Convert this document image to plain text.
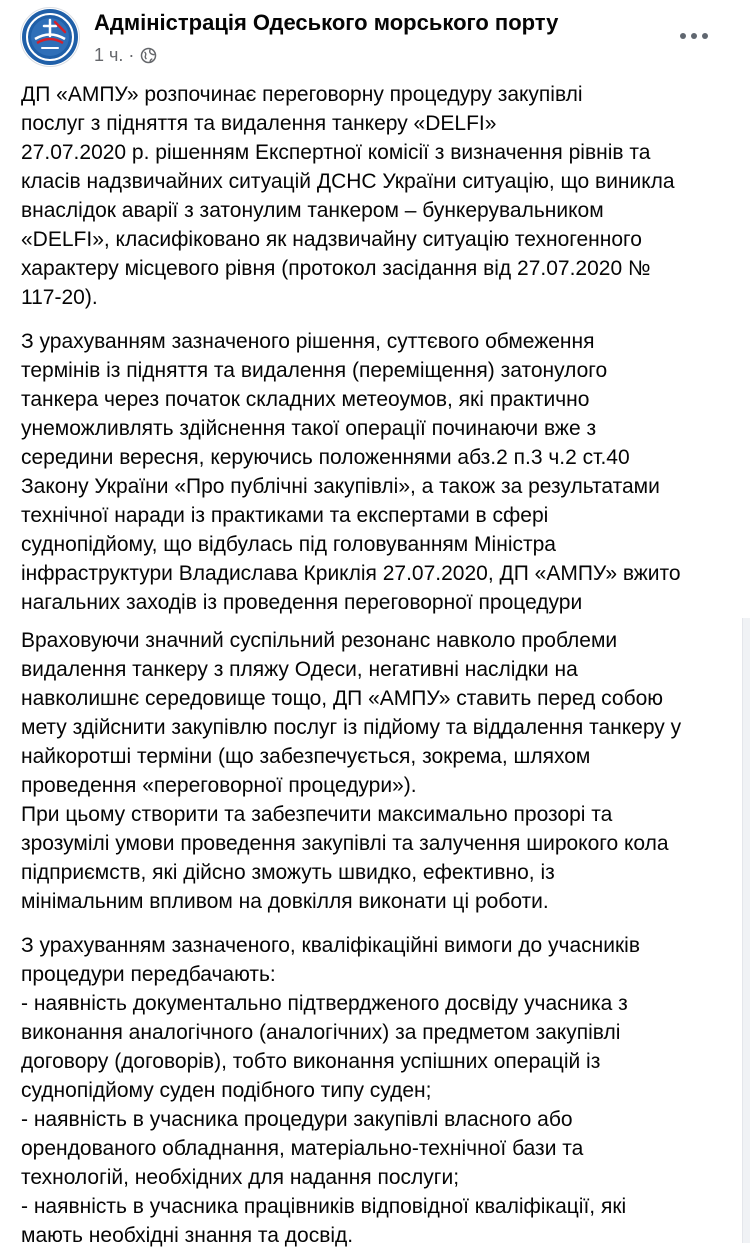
Адміністрація Одеського морського порту
1 ч. ·

ДП «АМПУ» розпочинає переговорну процедуру закупівлі
послуг з підняття та видалення танкеру «DELFI»
27.07.2020 р. рішенням Експертної комісії з визначення рівнів та
класів надзвичайних ситуацій ДСНС України ситуацію, що виникла
внаслідок аварії з затонулим танкером – бункерувальником
«DELFI», класифіковано як надзвичайну ситуацію техногенного
характеру місцевого рівня (протокол засідання від 27.07.2020 №
117-20).

З урахуванням зазначеного рішення, суттєвого обмеження
термінів із підняття та видалення (переміщення) затонулого
танкера через початок складних метеоумов, які практично
унеможливлять здійснення такої операції починаючи вже з
середини вересня, керуючись положеннями абз.2 п.3 ч.2 ст.40
Закону України «Про публічні закупівлі», а також за результатами
технічної наради із практиками та експертами в сфері
суднопідйому, що відбулась під головуванням Міністра
інфраструктури Владислава Криклія 27.07.2020, ДП «АМПУ» вжито
нагальних заходів із проведення переговорної процедури

Враховуючи значний суспільний резонанс навколо проблеми
видалення танкеру з пляжу Одеси, негативні наслідки на
навколишнє середовище тощо, ДП «АМПУ» ставить перед собою
мету здійснити закупівлю послуг із підйому та віддалення танкеру у
найкоротші терміни (що забезпечується, зокрема, шляхом
проведення «переговорної процедури»).

При цьому створити та забезпечити максимально прозорі та
зрозумілі умови проведення закупівлі та залучення широкого кола
підприємств, які дійсно зможуть швидко, ефективно, із
мінімальним впливом на довкілля виконати ці роботи.

З урахуванням зазначеного, кваліфікаційні вимоги до учасників
процедури передбачають:
- наявність документально підтвердженого досвіду учасника з
виконання аналогічного (аналогічних) за предметом закупівлі
договору (договорів), тобто виконання успішних операцій із
суднопідйому суден подібного типу суден;
- наявність в учасника процедури закупівлі власного або
орендованого обладнання, матеріально-технічної бази та
технологій, необхідних для надання послуги;
- наявність в учасника працівників відповідної кваліфікації, які
мають необхідні знання та досвід.
